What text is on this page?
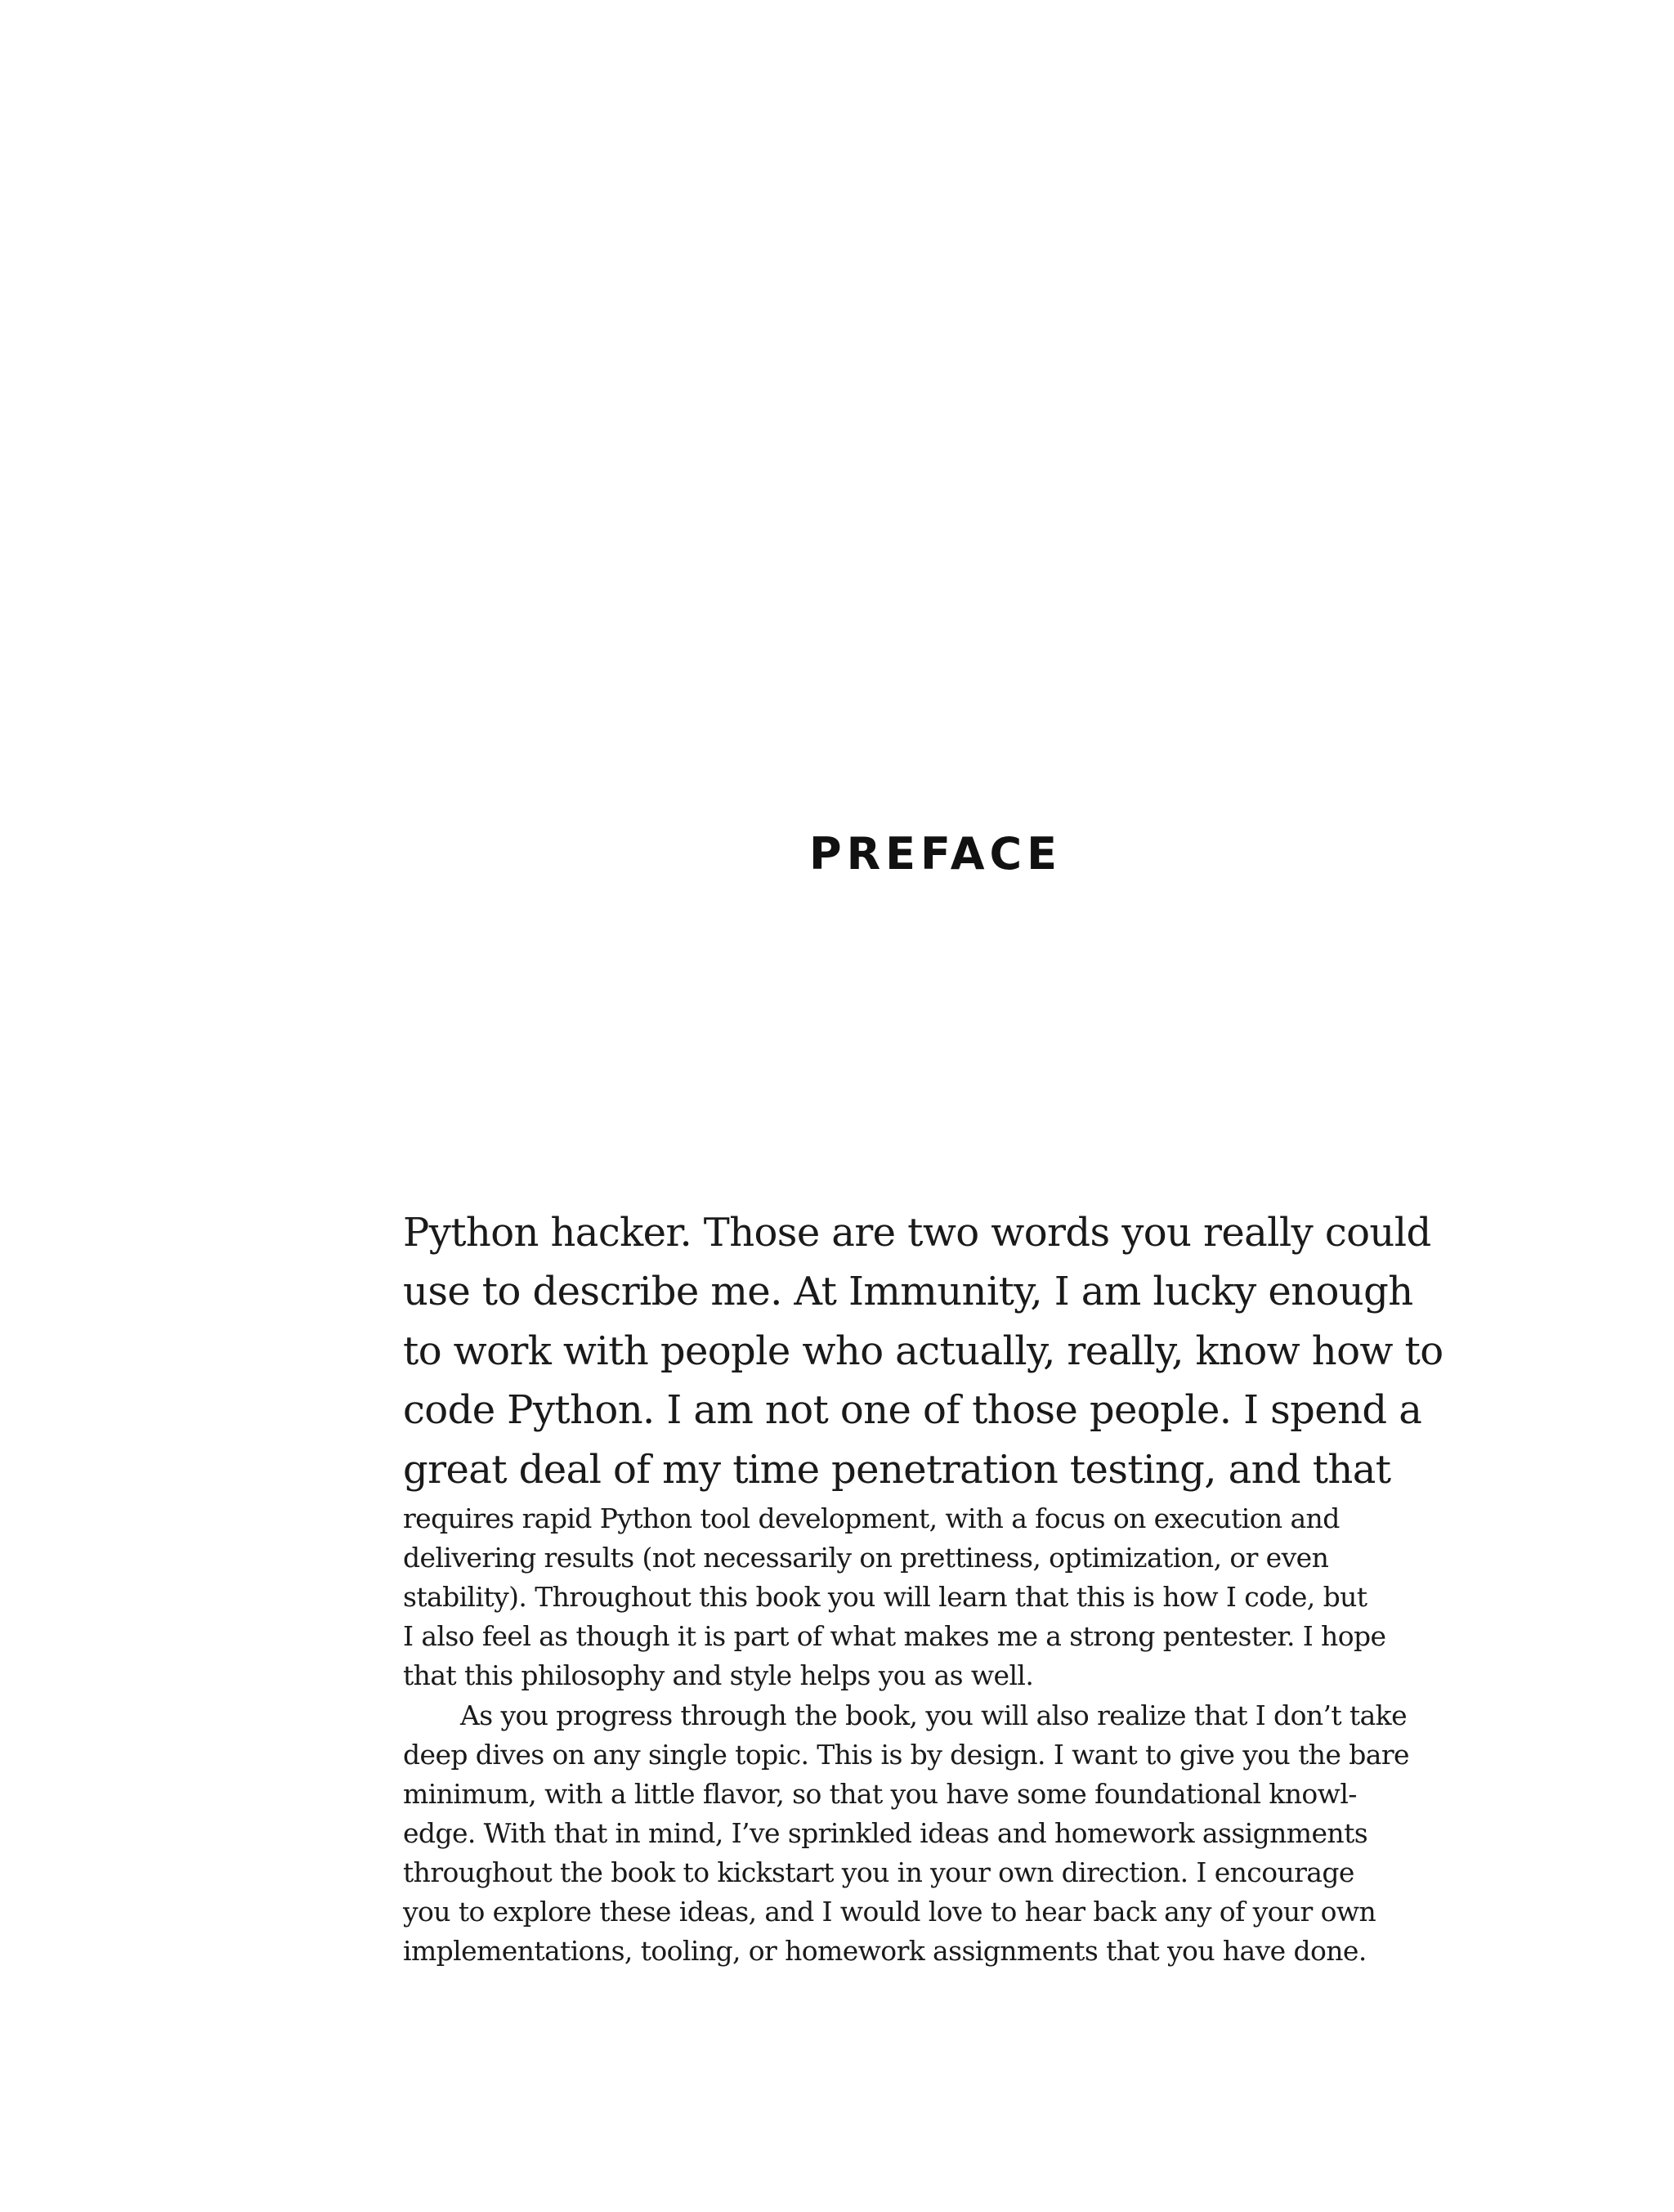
PREFACE
Python hacker. Those are two words you really could
use to describe me. At Immunity, I am lucky enough
to work with people who actually, really, know how to
code Python. I am not one of those people. I spend a
great deal of my time penetration testing, and that
requires rapid Python tool development, with a focus on execution and
delivering results (not necessarily on prettiness, optimization, or even
stability). Throughout this book you will learn that this is how I code, but
I also feel as though it is part of what makes me a strong pentester. I hope
that this philosophy and style helps you as well.
As you progress through the book, you will also realize that I don’t take
deep dives on any single topic. This is by design. I want to give you the bare
minimum, with a little flavor, so that you have some foundational knowl-
edge. With that in mind, I’ve sprinkled ideas and homework assignments
throughout the book to kickstart you in your own direction. I encourage
you to explore these ideas, and I would love to hear back any of your own
implementations, tooling, or homework assignments that you have done.
